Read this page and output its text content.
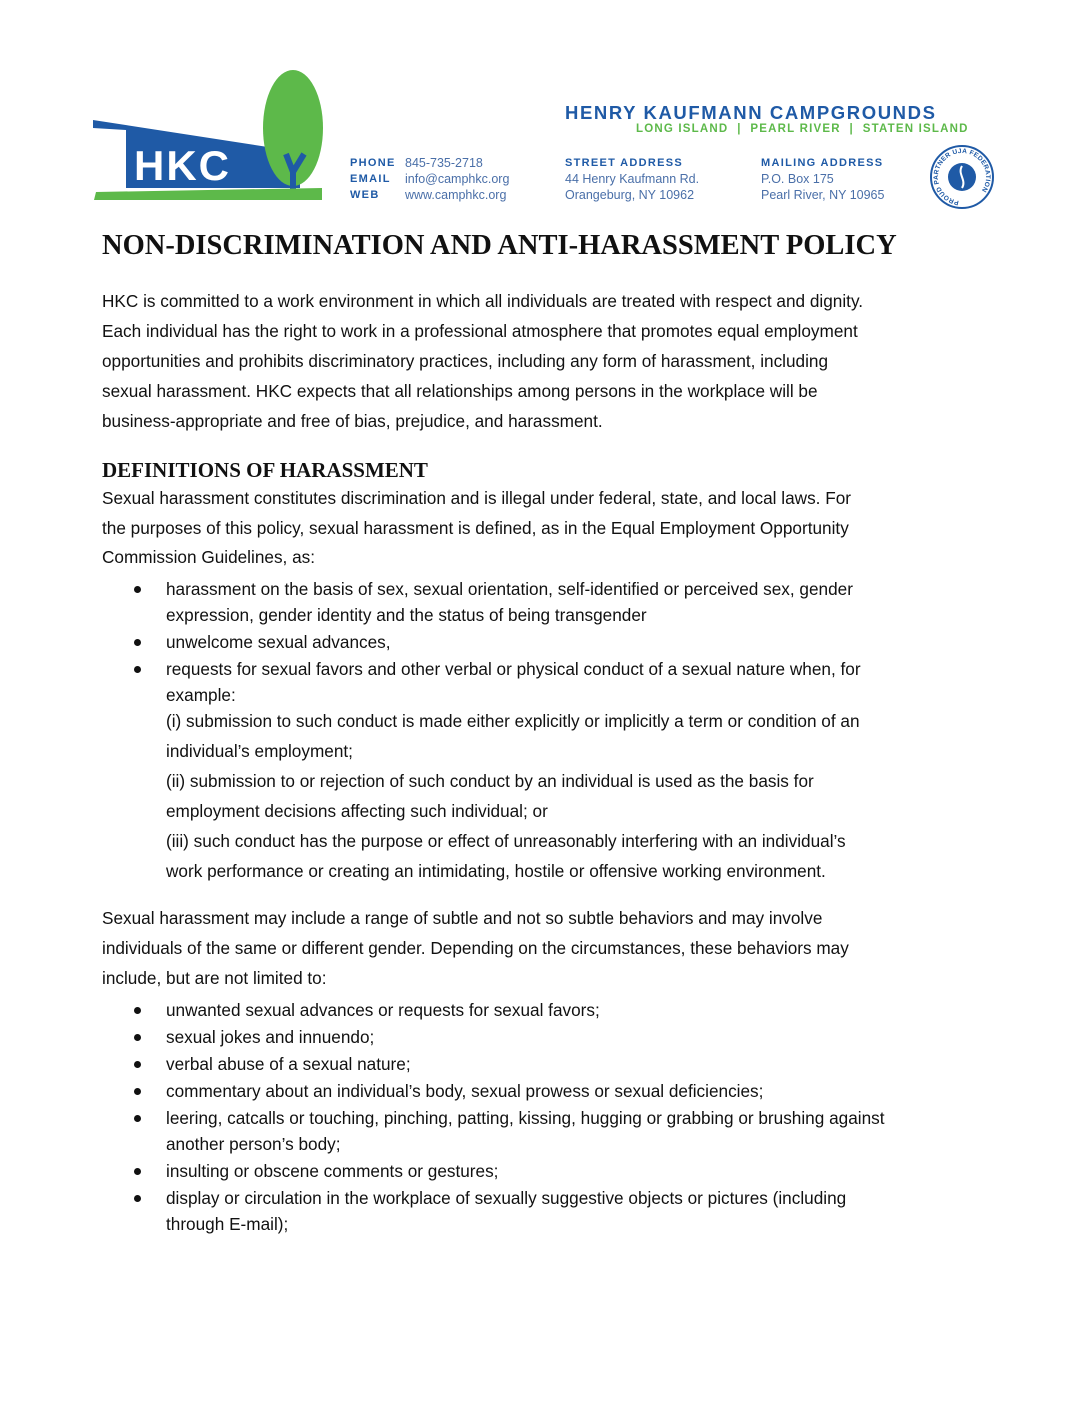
HKC
HENRY KAUFMANN CAMPGROUNDS
LONG ISLAND  |  PEARL RIVER  |  STATEN ISLAND
PHONE 845-735-2718
EMAIL info@camphkc.org
WEB www.camphkc.org
STREET ADDRESS
44 Henry Kaufmann Rd.
Orangeburg, NY 10962
MAILING ADDRESS
P.O. Box 175
Pearl River, NY 10965	PROUD PARTNER UJA FEDERATION
NON-DISCRIMINATION AND ANTI-HARASSMENT POLICY
HKC is committed to a work environment in which all individuals are treated with respect and dignity.
Each individual has the right to work in a professional atmosphere that promotes equal employment
opportunities and prohibits discriminatory practices, including any form of harassment, including
sexual harassment. HKC expects that all relationships among persons in the workplace will be
business-appropriate and free of bias, prejudice, and harassment.
DEFINITIONS OF HARASSMENT
Sexual harassment constitutes discrimination and is illegal under federal, state, and local laws. For
the purposes of this policy, sexual harassment is defined, as in the Equal Employment Opportunity
Commission Guidelines, as:
harassment on the basis of sex, sexual orientation, self-identified or perceived sex, gender
expression, gender identity and the status of being transgender
unwelcome sexual advances,
requests for sexual favors and other verbal or physical conduct of a sexual nature when, for
example:
(i) submission to such conduct is made either explicitly or implicitly a term or condition of an
individual’s employment;
(ii) submission to or rejection of such conduct by an individual is used as the basis for
employment decisions affecting such individual; or
(iii) such conduct has the purpose or effect of unreasonably interfering with an individual’s
work performance or creating an intimidating, hostile or offensive working environment.
Sexual harassment may include a range of subtle and not so subtle behaviors and may involve
individuals of the same or different gender. Depending on the circumstances, these behaviors may
include, but are not limited to:
unwanted sexual advances or requests for sexual favors;
sexual jokes and innuendo;
verbal abuse of a sexual nature;
commentary about an individual’s body, sexual prowess or sexual deficiencies;
leering, catcalls or touching, pinching, patting, kissing, hugging or grabbing or brushing against
another person’s body;
insulting or obscene comments or gestures;
display or circulation in the workplace of sexually suggestive objects or pictures (including
through E-mail);
